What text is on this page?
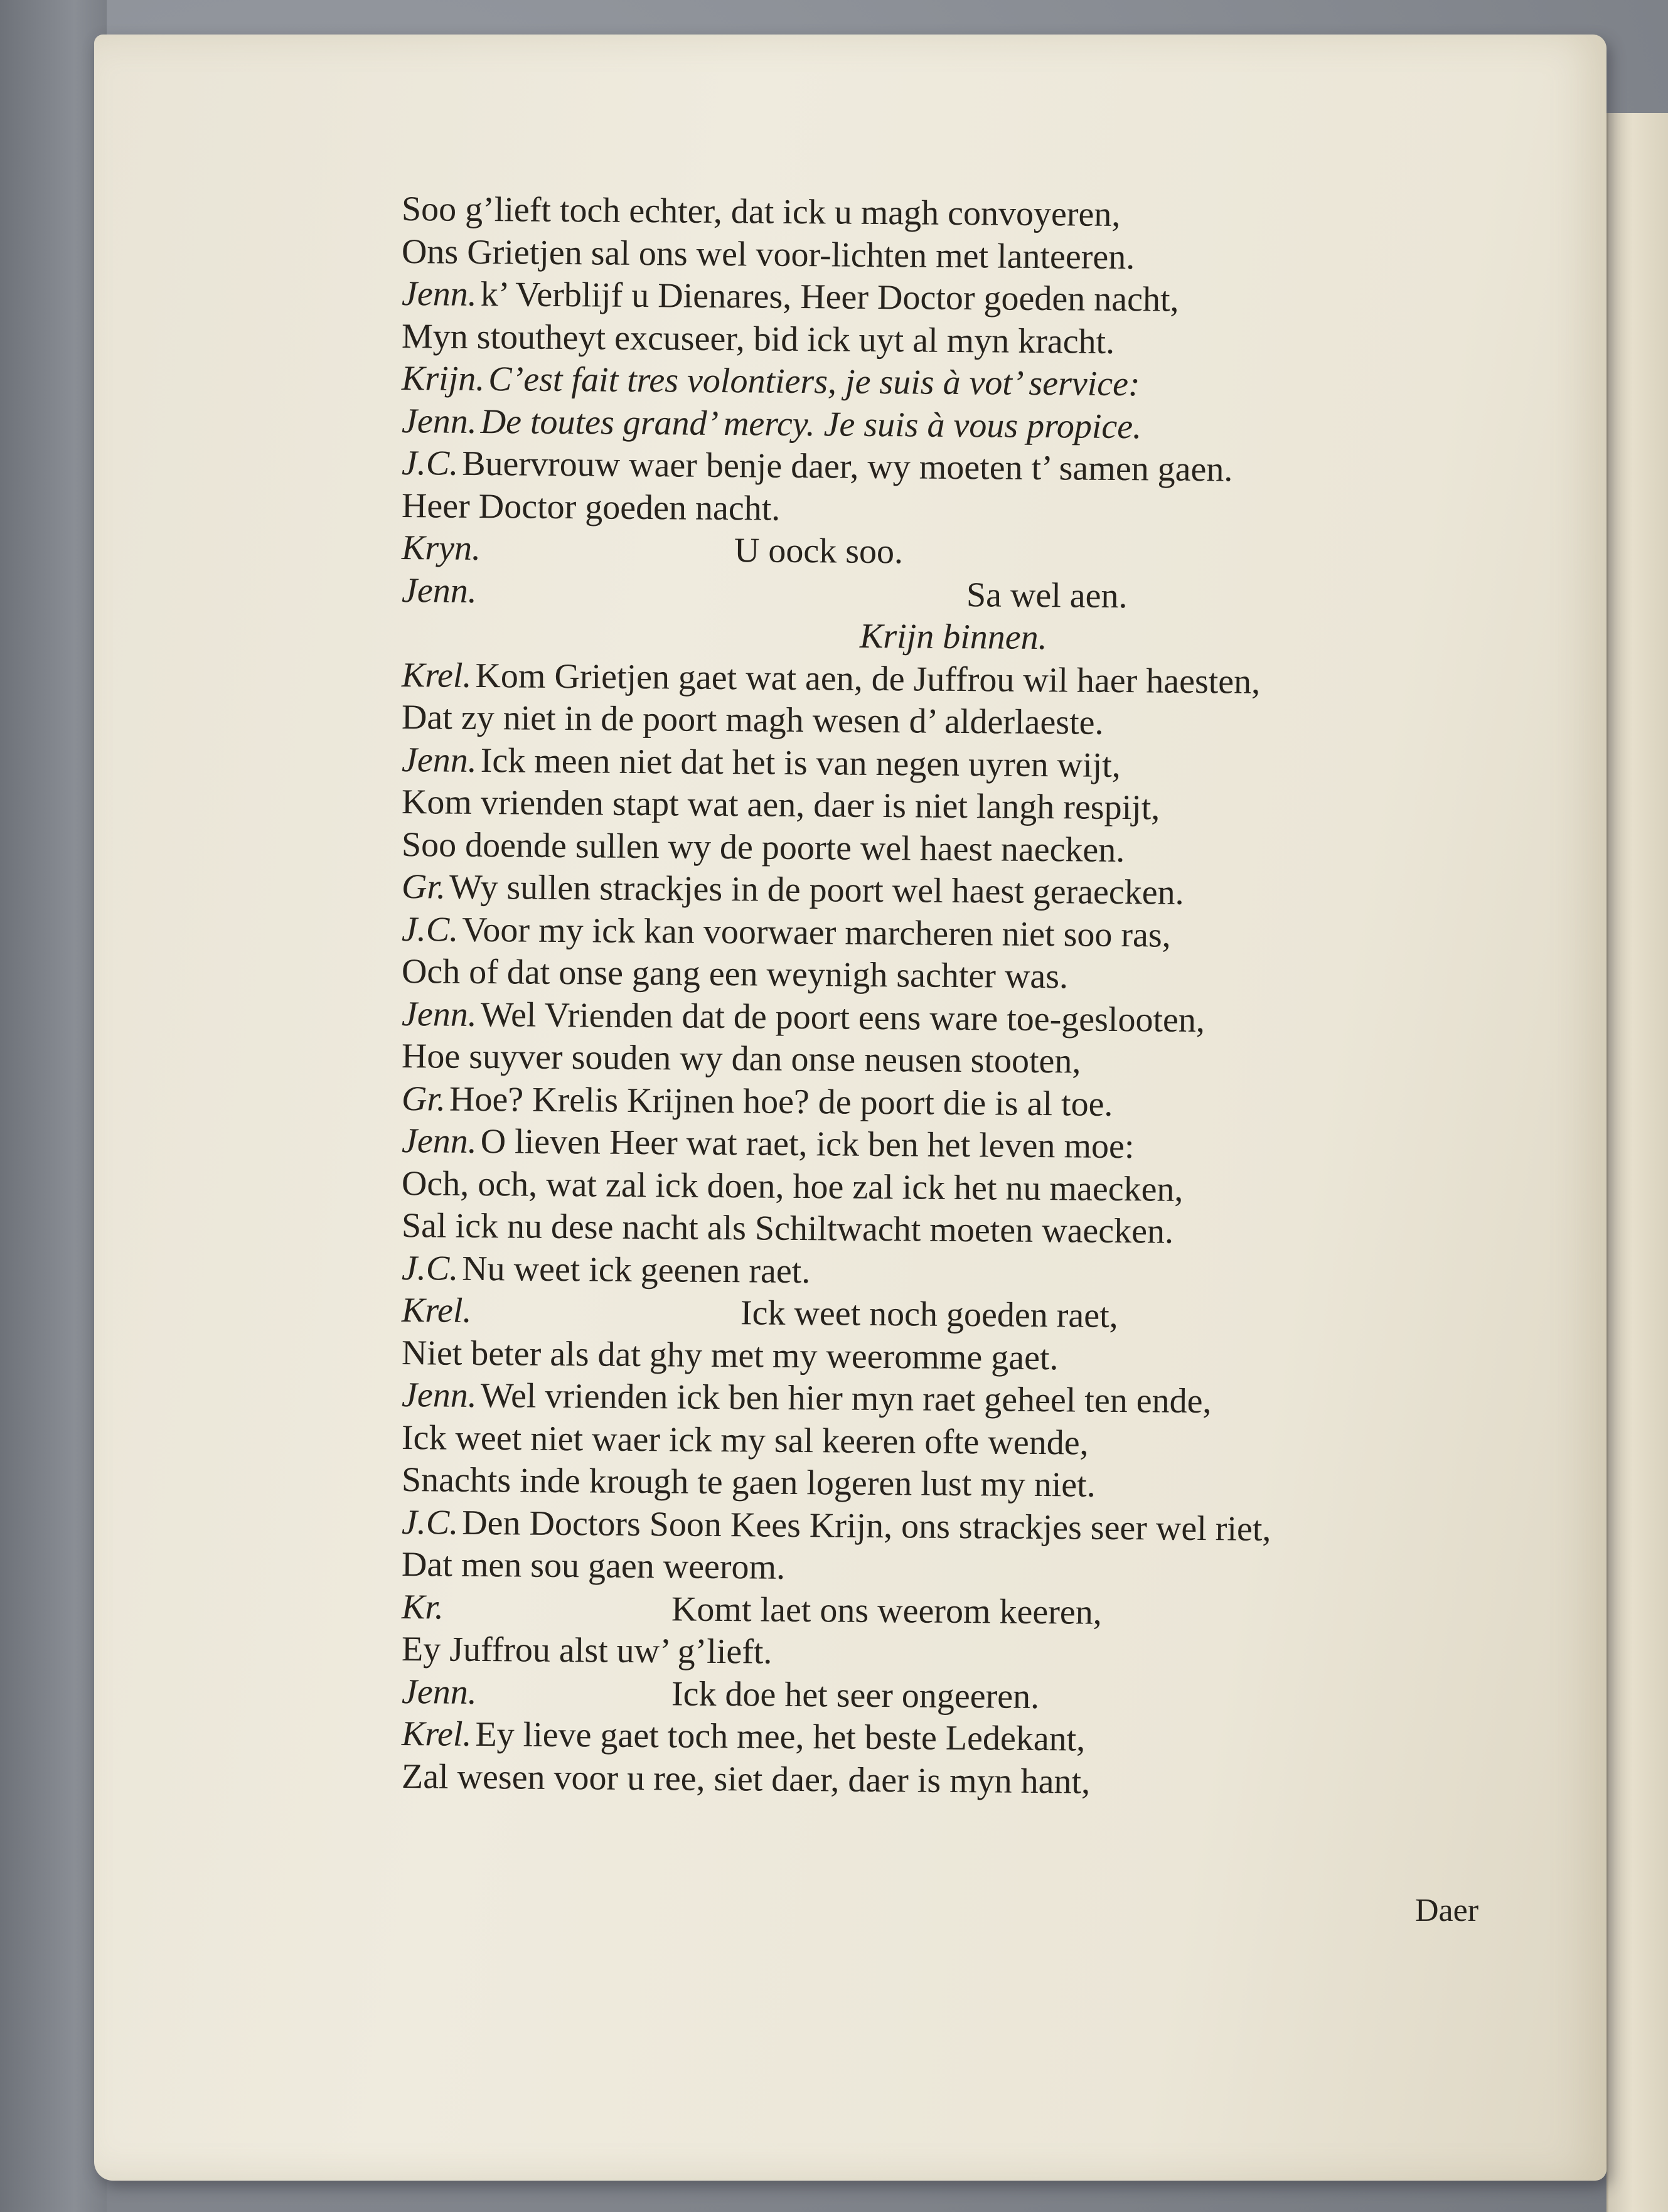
Soo g’lieft toch echter, dat ick u magh convoyeren,
Ons Grietjen sal ons wel voor-lichten met lanteeren.
Jenn.k’ Verblijf u Dienares, Heer Doctor goeden nacht,
Myn stoutheyt excuseer, bid ick uyt al myn kracht.
Krijn.C’est fait tres volontiers, je suis à vot’ service:
Jenn.De toutes grand’ mercy. Je suis à vous propice.
J.C.Buervrouw waer benje daer, wy moeten t’ samen gaen.
Heer Doctor goeden nacht.
Kryn.	U oock soo.
Jenn.	Sa wel aen.
Krijn binnen.
Krel.Kom Grietjen gaet wat aen, de Juffrou wil haer haesten,
Dat zy niet in de poort magh wesen d’ alderlaeste.
Jenn.Ick meen niet dat het is van negen uyren wijt,
Kom vrienden stapt wat aen, daer is niet langh respijt,
Soo doende sullen wy de poorte wel haest naecken.
Gr.Wy sullen strackjes in de poort wel haest geraecken.
J.C.Voor my ick kan voorwaer marcheren niet soo ras,
Och of dat onse gang een weynigh sachter was.
Jenn.Wel Vrienden dat de poort eens ware toe-geslooten,
Hoe suyver souden wy dan onse neusen stooten,
Gr.Hoe? Krelis Krijnen hoe? de poort die is al toe.
Jenn.O lieven Heer wat raet, ick ben het leven moe:
Och, och, wat zal ick doen, hoe zal ick het nu maecken,
Sal ick nu dese nacht als Schiltwacht moeten waecken.
J.C.Nu weet ick geenen raet.
Krel.	Ick weet noch goeden raet,
Niet beter als dat ghy met my weeromme gaet.
Jenn.Wel vrienden ick ben hier myn raet geheel ten ende,
Ick weet niet waer ick my sal keeren ofte wende,
Snachts inde krough te gaen logeren lust my niet.
J.C.Den Doctors Soon Kees Krijn, ons strackjes seer wel riet,
Dat men sou gaen weerom.
Kr.	Komt laet ons weerom keeren,
Ey Juffrou alst uw’ g’lieft.
Jenn.	Ick doe het seer ongeeren.
Krel.Ey lieve gaet toch mee, het beste Ledekant,
Zal wesen voor u ree, siet daer, daer is myn hant,
Daer
